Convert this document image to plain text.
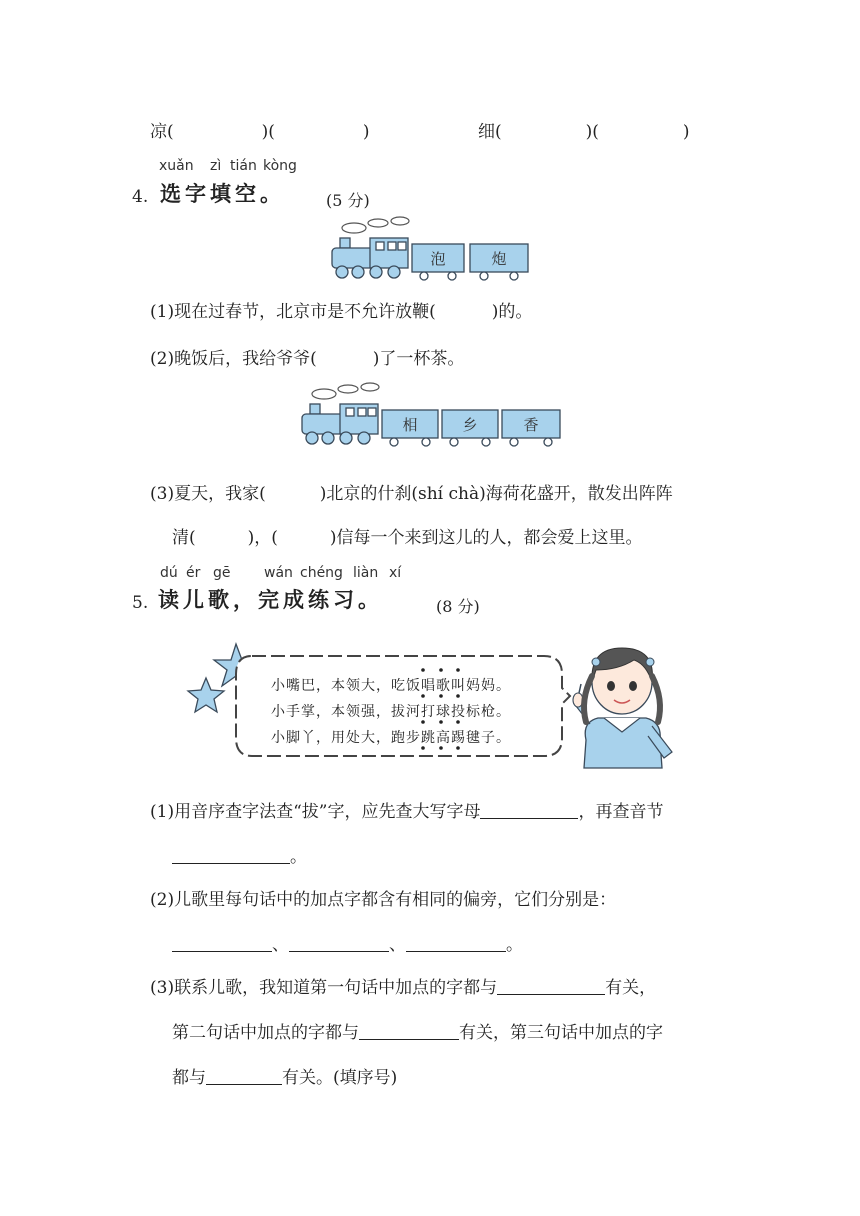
凉(	)(	)	细(	)(	)
4.
xuǎn zì tián kòng
选字填空。	(5 分)
泡	炮
(1)现在过春节，北京市是不允许放鞭(	)的。
(2)晚饭后，我给爷爷(	)了一杯茶。
相	乡	香
(3)夏天，我家(	)北京的什刹(shí chà)海荷花盛开，散发出阵阵
清(	)，(	)信每一个来到这儿的人，都会爱上这里。
5.
dú ér gē wán chéng liàn xí
读儿歌，完成练习。	(8 分)
小嘴巴，本领大，吃饭唱歌叫妈妈。
小手掌，本领强，拔河打球投标枪。
小脚丫，用处大，跑步跳高踢毽子。
(1)用音序查字法查“拔”字，应先查大写字母	，再查音节
。
(2)儿歌里每句话中的加点字都含有相同的偏旁，它们分别是：
、	、	。
(3)联系儿歌，我知道第一句话中加点的字都与	有关，
第二句话中加点的字都与	有关，第三句话中加点的字
都与	有关。(填序号)
